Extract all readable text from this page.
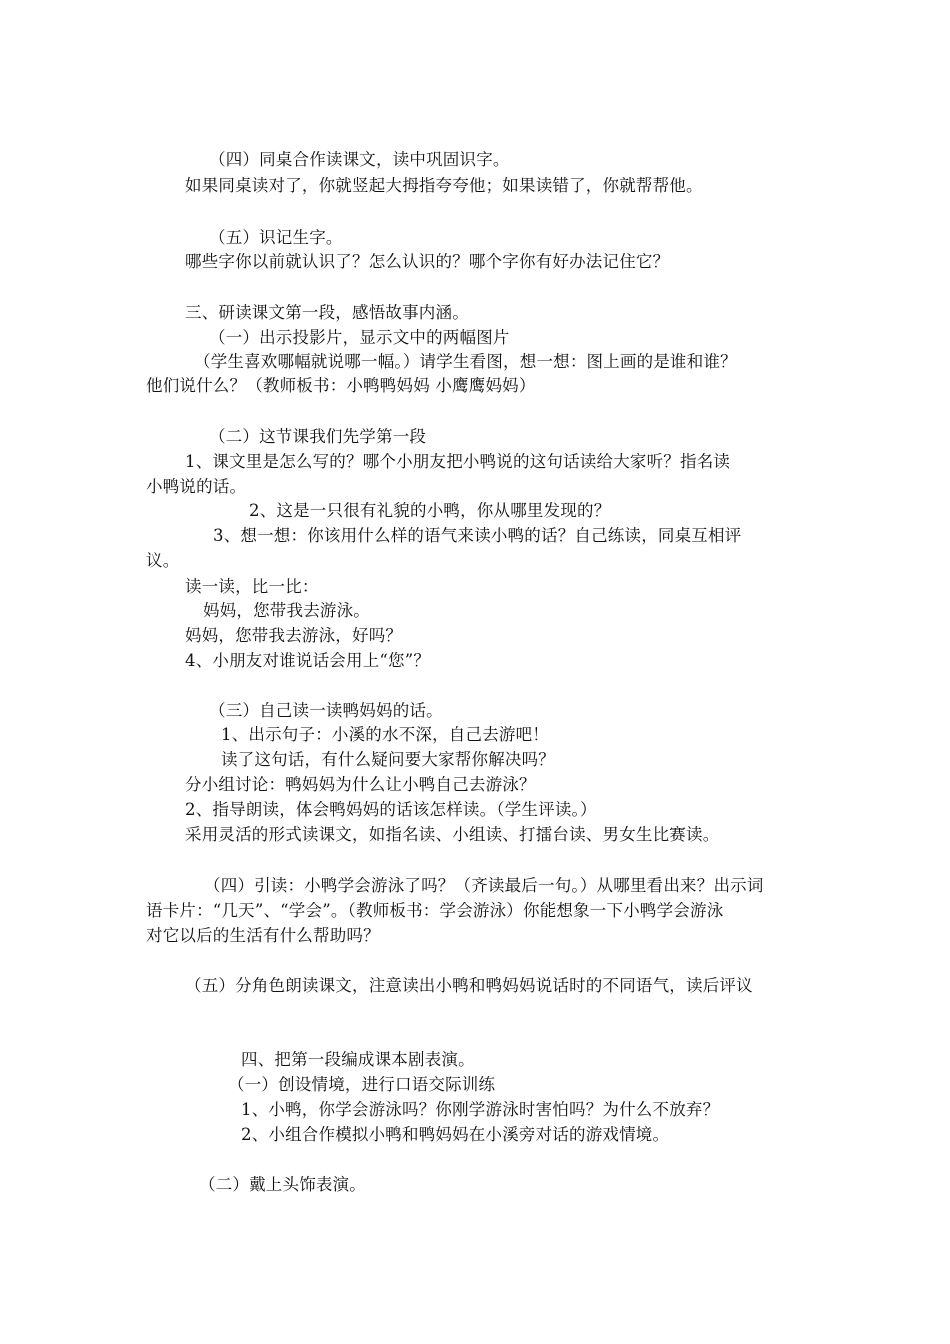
（四）同桌合作读课文，读中巩固识字。
如果同桌读对了，你就竖起大拇指夸夸他；如果读错了，你就帮帮他。
（五）识记生字。
哪些字你以前就认识了？怎么认识的？哪个字你有好办法记住它？
三、研读课文第一段，感悟故事内涵。
（一）出示投影片，显示文中的两幅图片
（学生喜欢哪幅就说哪一幅。）请学生看图，想一想：图上画的是谁和谁？
他们说什么？（教师板书：小鸭鸭妈妈 小鹰鹰妈妈）
（二）这节课我们先学第一段
1、课文里是怎么写的？哪个小朋友把小鸭说的这句话读给大家听？指名读
小鸭说的话。
2、这是一只很有礼貌的小鸭，你从哪里发现的？
3、想一想：你该用什么样的语气来读小鸭的话？自己练读，同桌互相评
议。
读一读，比一比：
妈妈，您带我去游泳。
妈妈，您带我去游泳，好吗？
4、小朋友对谁说话会用上“您”？
（三）自己读一读鸭妈妈的话。
1、出示句子：小溪的水不深，自己去游吧！
读了这句话，有什么疑问要大家帮你解决吗？
分小组讨论：鸭妈妈为什么让小鸭自己去游泳？
2、指导朗读，体会鸭妈妈的话该怎样读。（学生评读。）
采用灵活的形式读课文，如指名读、小组读、打擂台读、男女生比赛读。
（四）引读：小鸭学会游泳了吗？（齐读最后一句。）从哪里看出来？出示词
语卡片：“几天”、“学会”。（教师板书：学会游泳）你能想象一下小鸭学会游泳
对它以后的生活有什么帮助吗？
（五）分角色朗读课文，注意读出小鸭和鸭妈妈说话时的不同语气，读后评议
四、把第一段编成课本剧表演。
（一）创设情境，进行口语交际训练
1、小鸭，你学会游泳吗？你刚学游泳时害怕吗？为什么不放弃？
2、小组合作模拟小鸭和鸭妈妈在小溪旁对话的游戏情境。
（二）戴上头饰表演。
